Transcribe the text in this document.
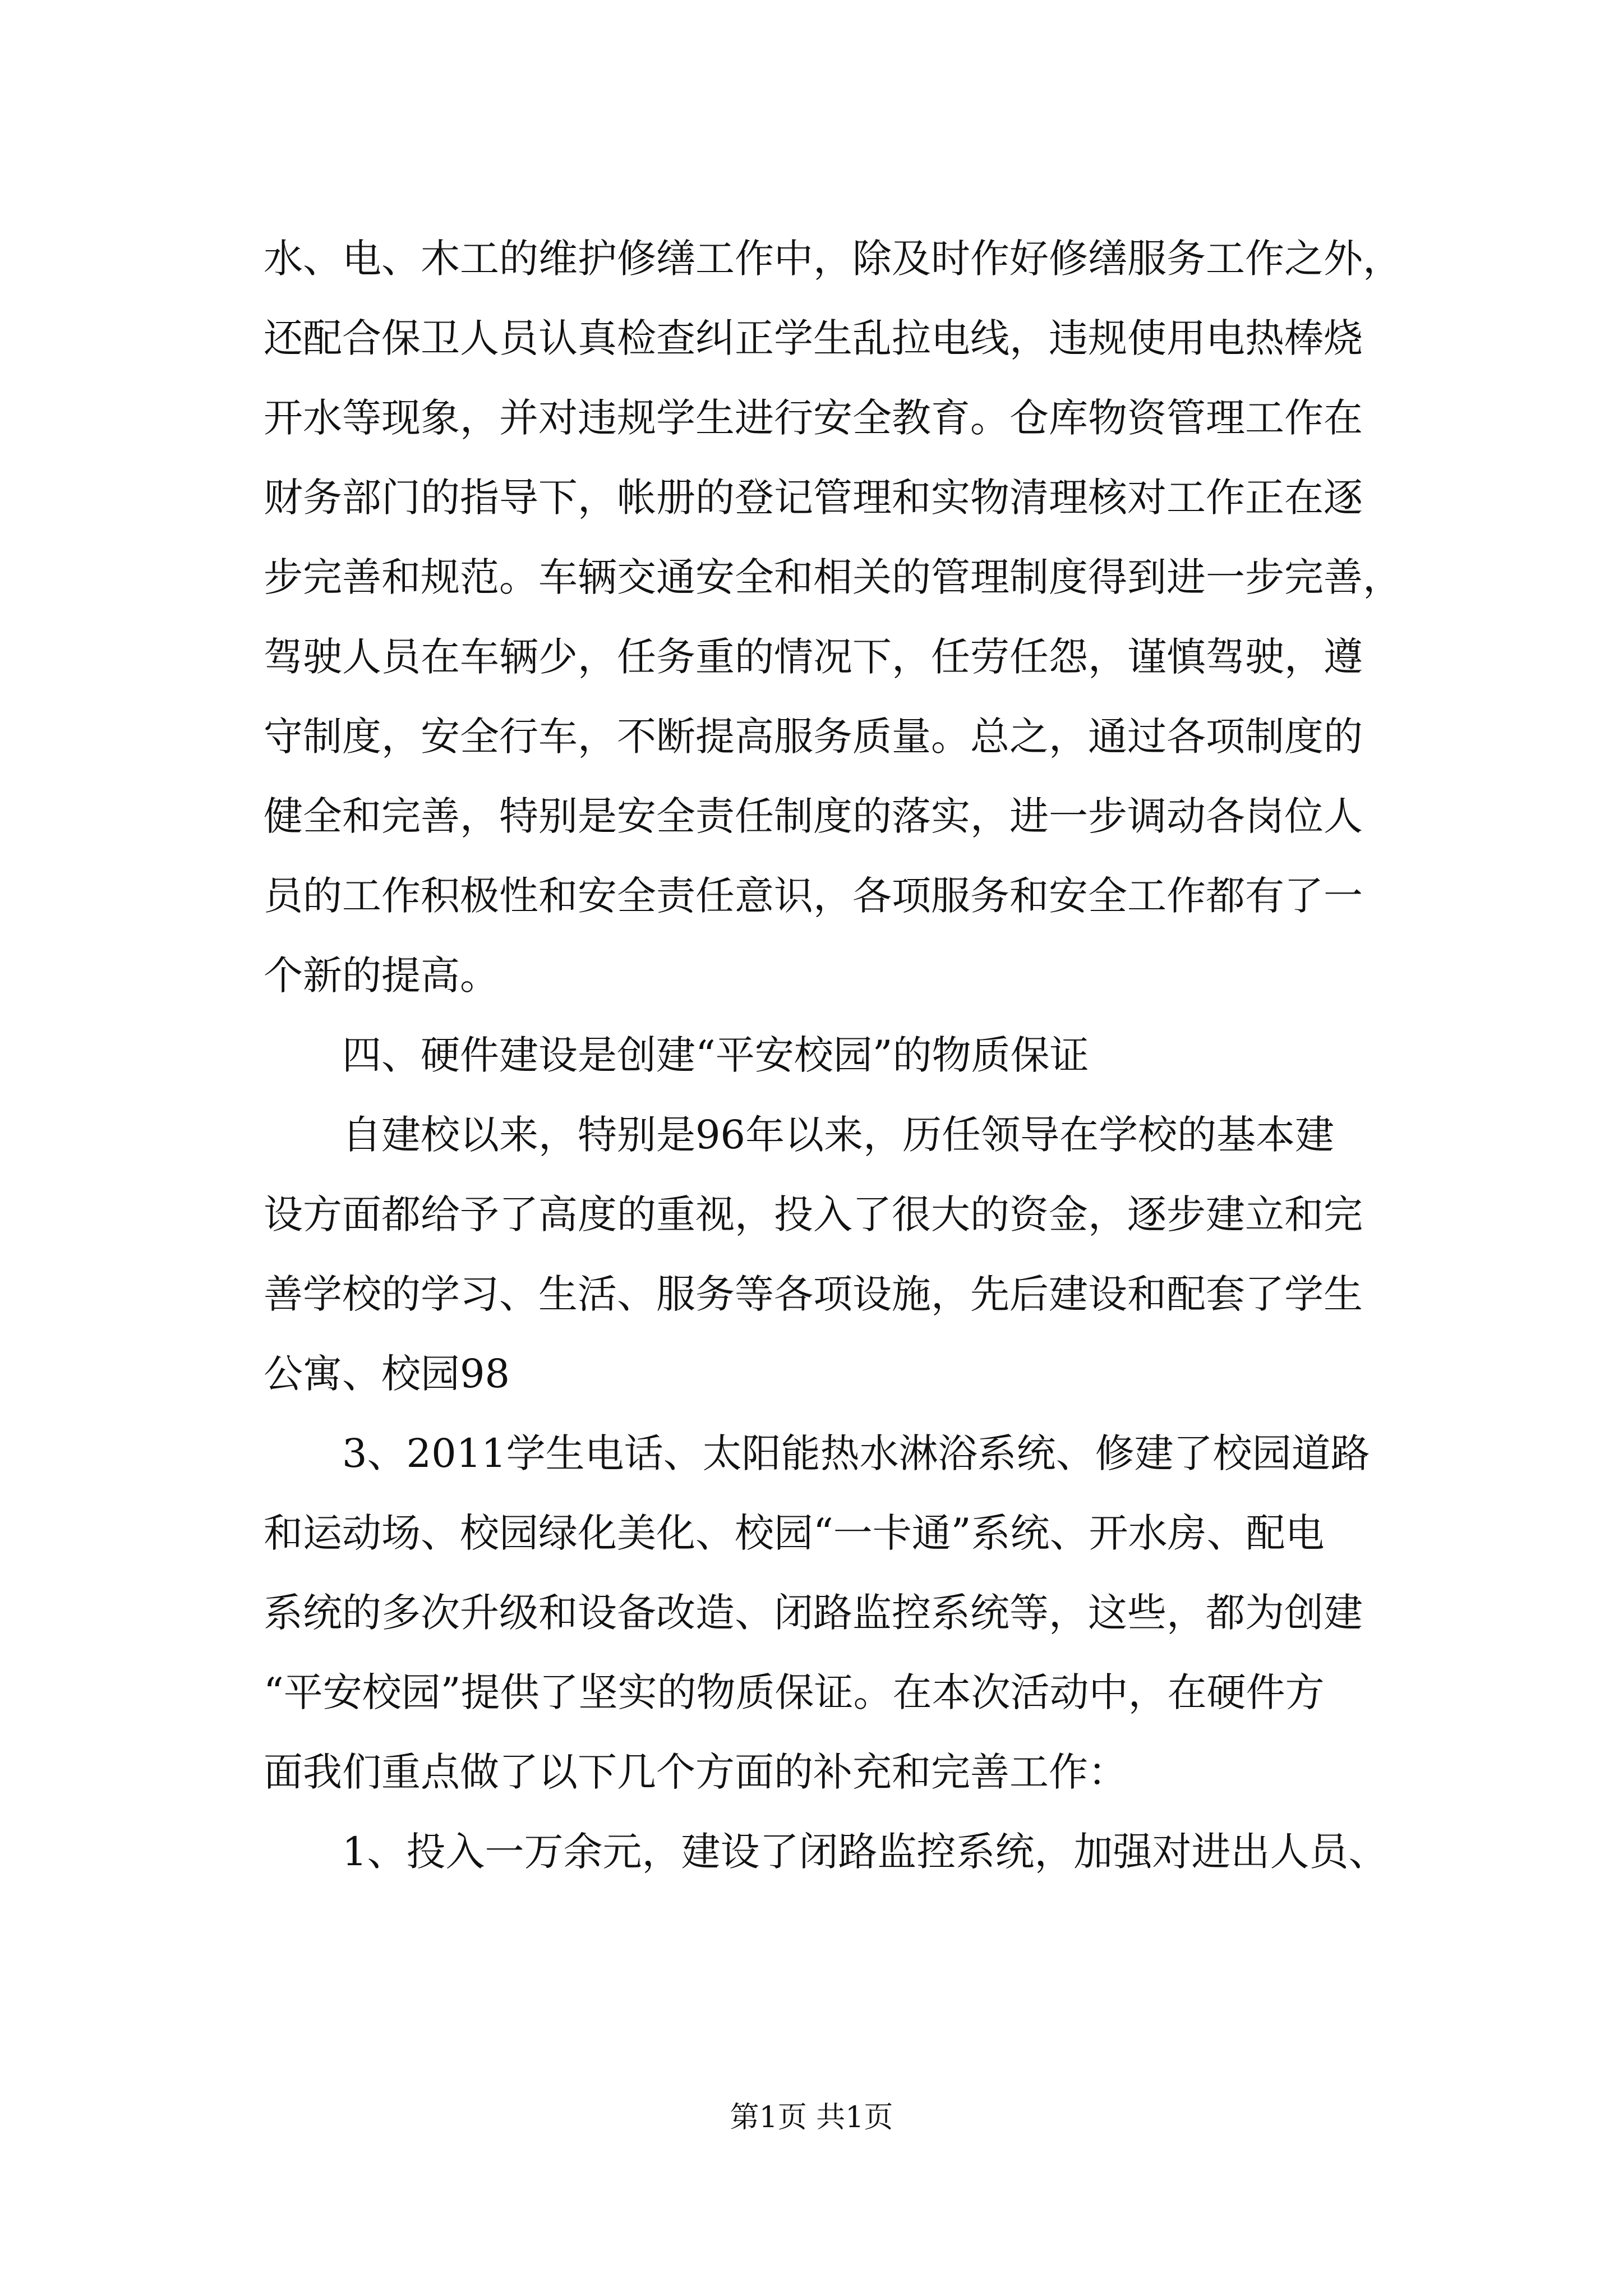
水、电、木工的维护修缮工作中，除及时作好修缮服务工作之外，
还配合保卫人员认真检查纠正学生乱拉电线，违规使用电热棒烧
开水等现象，并对违规学生进行安全教育。仓库物资管理工作在
财务部门的指导下，帐册的登记管理和实物清理核对工作正在逐
步完善和规范。车辆交通安全和相关的管理制度得到进一步完善，
驾驶人员在车辆少，任务重的情况下，任劳任怨，谨慎驾驶，遵
守制度，安全行车，不断提高服务质量。总之，通过各项制度的
健全和完善，特别是安全责任制度的落实，进一步调动各岗位人
员的工作积极性和安全责任意识，各项服务和安全工作都有了一
个新的提高。
四、硬件建设是创建“平安校园”的物质保证
自建校以来，特别是96年以来，历任领导在学校的基本建
设方面都给予了高度的重视，投入了很大的资金，逐步建立和完
善学校的学习、生活、服务等各项设施，先后建设和配套了学生
公寓、校园98
3、2011学生电话、太阳能热水淋浴系统、修建了校园道路
和运动场、校园绿化美化、校园“一卡通”系统、开水房、配电
系统的多次升级和设备改造、闭路监控系统等，这些，都为创建
“平安校园”提供了坚实的物质保证。在本次活动中，在硬件方
面我们重点做了以下几个方面的补充和完善工作：
1、投入一万余元，建设了闭路监控系统，加强对进出人员、
第1页 共1页
